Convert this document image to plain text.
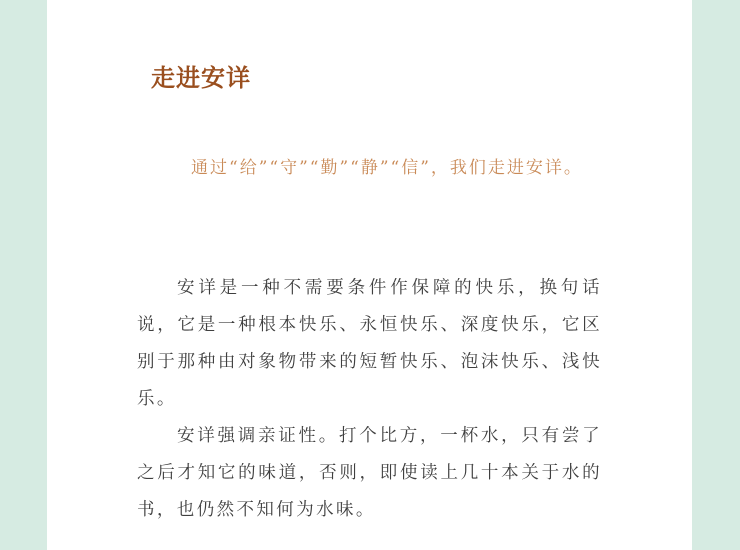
走进安详

通过“给”“守”“勤”“静”“信”，我们走进安详。

安详是一种不需要条件作保障的快乐，换句话说，它是一种根本快乐、永恒快乐、深度快乐，它区别于那种由对象物带来的短暂快乐、泡沫快乐、浅快乐。

安详强调亲证性。打个比方，一杯水，只有尝了之后才知它的味道，否则，即使读上几十本关于水的书，也仍然不知何为水味。
